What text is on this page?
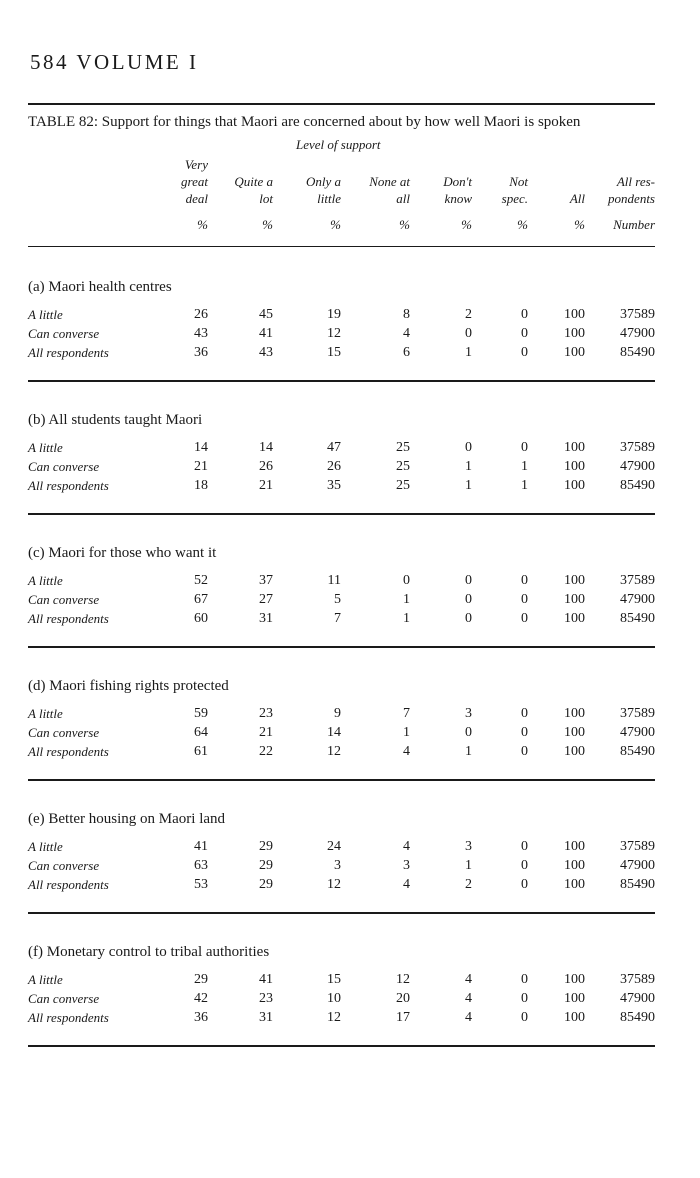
584 VOLUME I
TABLE 82: Support for things that Maori are concerned about by how well Maori is spoken
Level of support
Very
great
deal
%
Quite a
lot
%
Only a
little
%
None at
all
%
Don't
know
%
Not
spec.
%
All
%
All res-
pondents
Number
(a) Maori health centres
A little	26	45	19	8	2	0	100	37589
Can converse	43	41	12	4	0	0	100	47900
All respondents	36	43	15	6	1	0	100	85490
(b) All students taught Maori
A little	14	14	47	25	0	0	100	37589
Can converse	21	26	26	25	1	1	100	47900
All respondents	18	21	35	25	1	1	100	85490
(c) Maori for those who want it
A little	52	37	11	0	0	0	100	37589
Can converse	67	27	5	1	0	0	100	47900
All respondents	60	31	7	1	0	0	100	85490
(d) Maori fishing rights protected
A little	59	23	9	7	3	0	100	37589
Can converse	64	21	14	1	0	0	100	47900
All respondents	61	22	12	4	1	0	100	85490
(e) Better housing on Maori land
A little	41	29	24	4	3	0	100	37589
Can converse	63	29	3	3	1	0	100	47900
All respondents	53	29	12	4	2	0	100	85490
(f) Monetary control to tribal authorities
A little	29	41	15	12	4	0	100	37589
Can converse	42	23	10	20	4	0	100	47900
All respondents	36	31	12	17	4	0	100	85490
